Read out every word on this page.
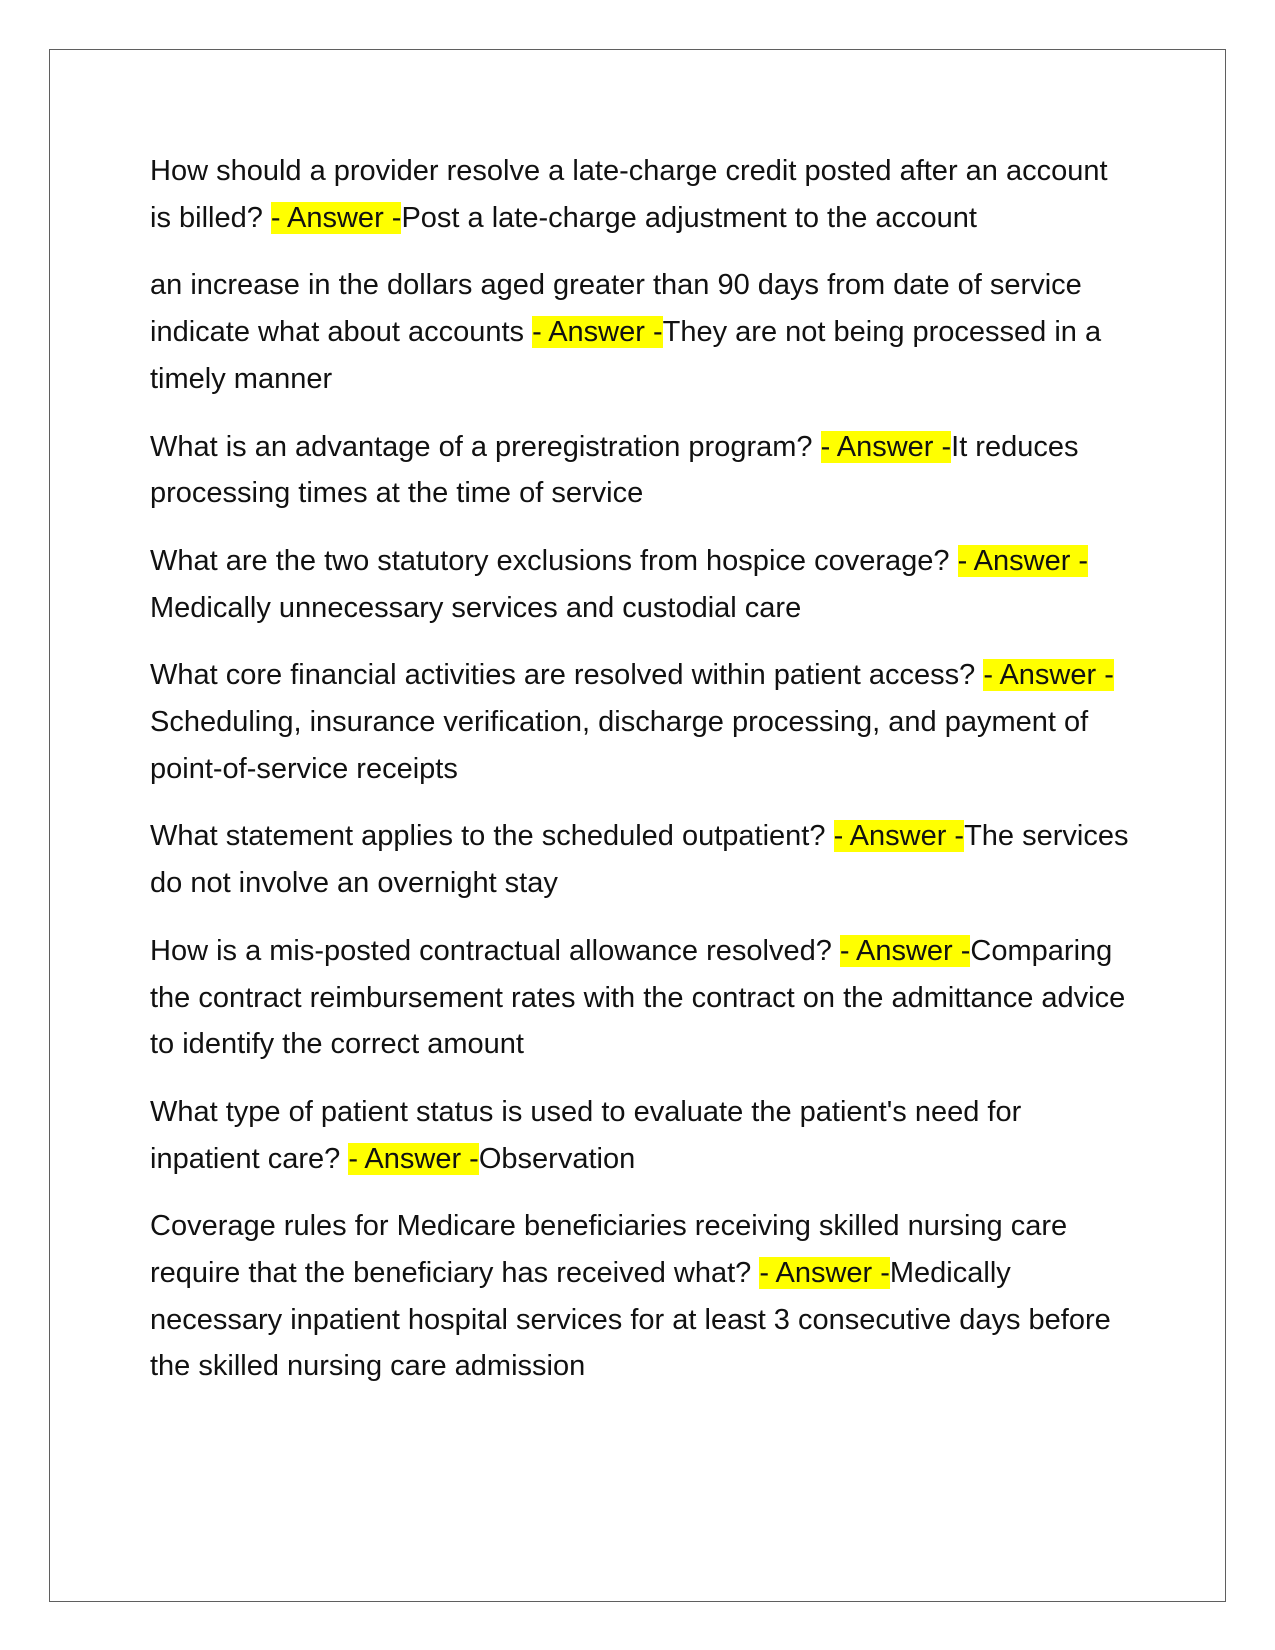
How should a provider resolve a late-charge credit posted after an account is billed? - Answer -Post a late-charge adjustment to the account

an increase in the dollars aged greater than 90 days from date of service indicate what about accounts - Answer -They are not being processed in a timely manner

What is an advantage of a preregistration program? - Answer -It reduces processing times at the time of service

What are the two statutory exclusions from hospice coverage? - Answer -Medically unnecessary services and custodial care

What core financial activities are resolved within patient access? - Answer -Scheduling, insurance verification, discharge processing, and payment of point-of-service receipts

What statement applies to the scheduled outpatient? - Answer -The services do not involve an overnight stay

How is a mis-posted contractual allowance resolved? - Answer -Comparing the contract reimbursement rates with the contract on the admittance advice to identify the correct amount

What type of patient status is used to evaluate the patient's need for inpatient care? - Answer -Observation

Coverage rules for Medicare beneficiaries receiving skilled nursing care require that the beneficiary has received what? - Answer -Medically necessary inpatient hospital services for at least 3 consecutive days before the skilled nursing care admission
